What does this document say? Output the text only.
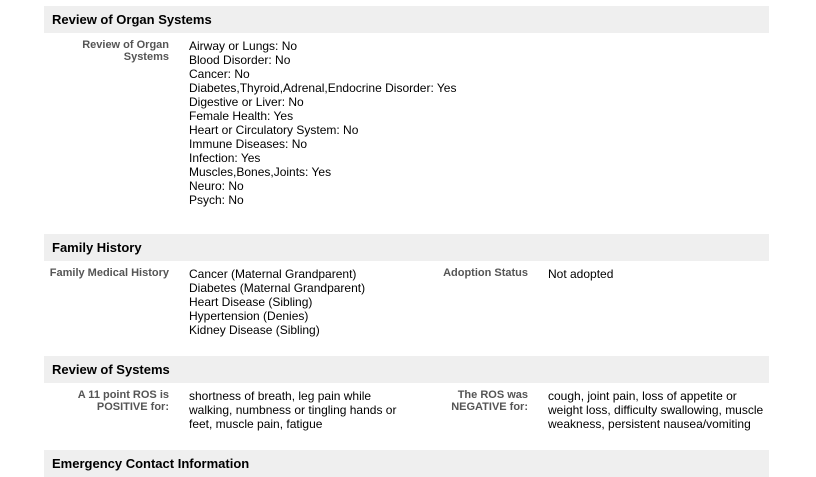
Review of Organ Systems
Review of Organ Systems
Airway or Lungs: No
Blood Disorder: No
Cancer: No
Diabetes,Thyroid,Adrenal,Endocrine Disorder: Yes
Digestive or Liver: No
Female Health: Yes
Heart or Circulatory System: No
Immune Diseases: No
Infection: Yes
Muscles,Bones,Joints: Yes
Neuro: No
Psych: No
Family History
Family Medical History Cancer (Maternal Grandparent)
Diabetes (Maternal Grandparent)
Heart Disease (Sibling)
Hypertension (Denies)
Kidney Disease (Sibling)
Adoption Status Not adopted
Review of Systems
A 11 point ROS is POSITIVE for:
shortness of breath, leg pain while walking, numbness or tingling hands or feet, muscle pain, fatigue
The ROS was NEGATIVE for:
cough, joint pain, loss of appetite or weight loss, difficulty swallowing, muscle weakness, persistent nausea/vomiting
Emergency Contact Information
